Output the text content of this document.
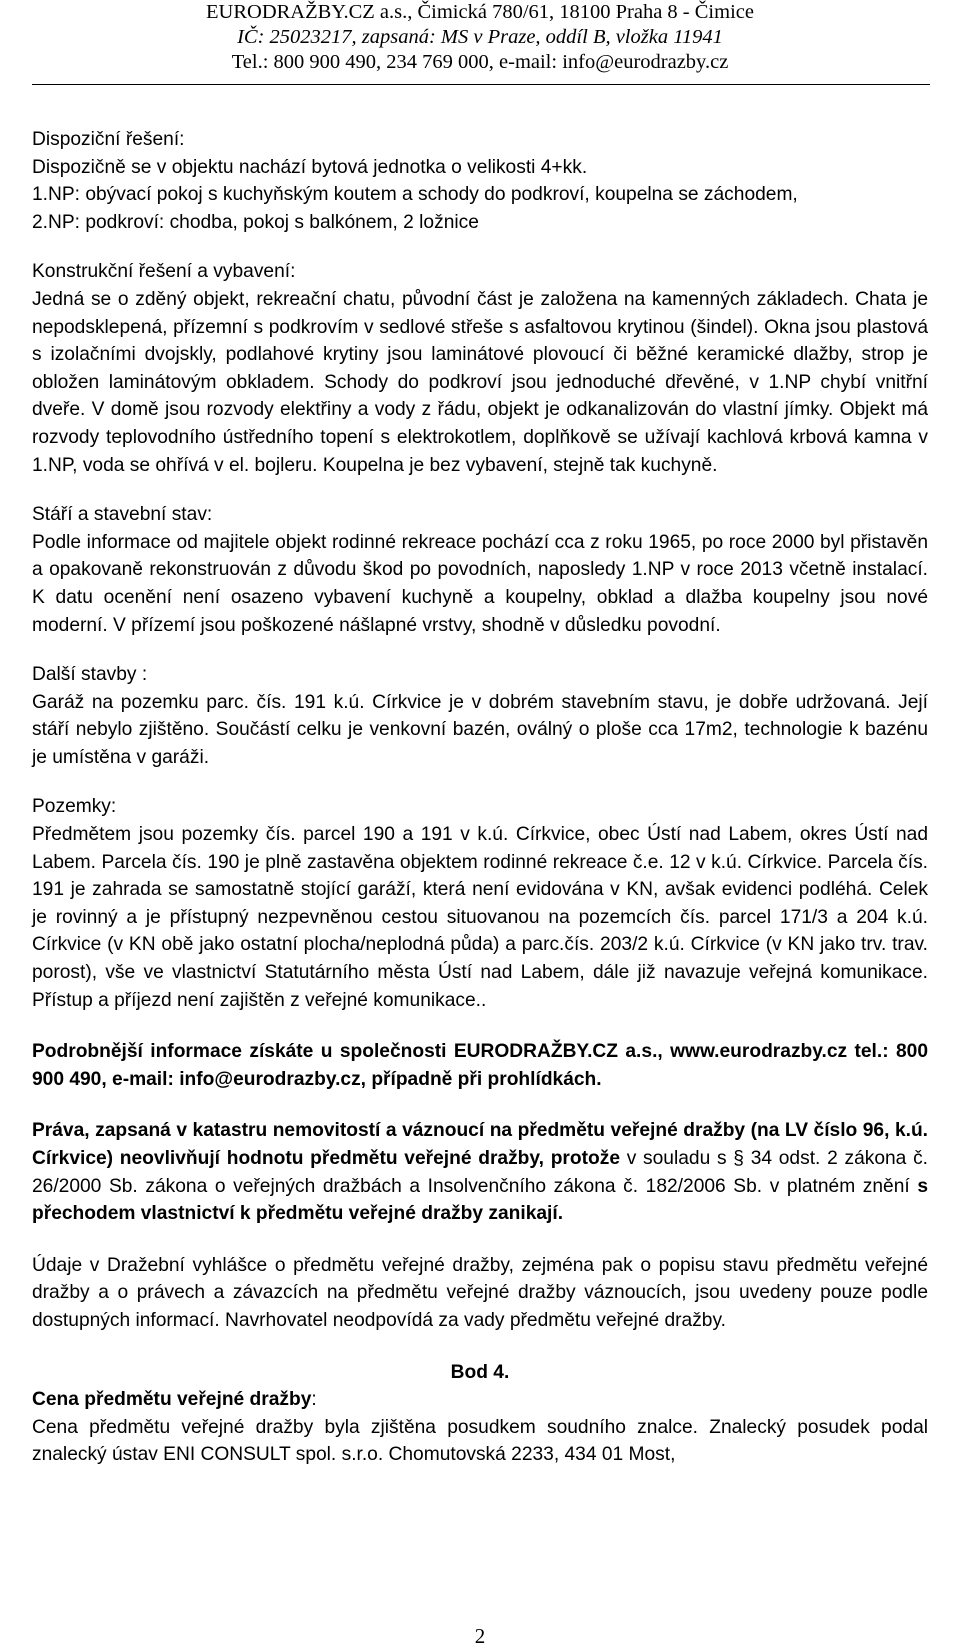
EURODRAŽBY.CZ a.s., Čimická 780/61, 18100 Praha 8 - Čimice
IČ: 25023217, zapsaná: MS v Praze, oddíl B, vložka 11941
Tel.: 800 900 490, 234 769 000, e-mail: info@eurodrazby.cz

Dispoziční řešení:

Dispozičně se v objektu nachází bytová jednotka o velikosti 4+kk.

1.NP: obývací pokoj s kuchyňským koutem a schody do podkroví, koupelna se záchodem,

2.NP: podkroví: chodba, pokoj s balkónem, 2 ložnice

Konstrukční řešení a vybavení:

Jedná se o zděný objekt, rekreační chatu, původní část je založena na kamenných základech. Chata je nepodsklepená, přízemní s podkrovím v sedlové střeše s asfaltovou krytinou (šindel). Okna jsou plastová s izolačními dvojskly, podlahové krytiny jsou laminátové plovoucí či běžné keramické dlažby, strop je obložen laminátovým obkladem. Schody do podkroví jsou jednoduché dřevěné, v 1.NP chybí vnitřní dveře. V domě jsou rozvody elektřiny a vody z řádu, objekt je odkanalizován do vlastní jímky. Objekt má rozvody teplovodního ústředního topení s elektrokotlem, doplňkově se užívají kachlová krbová kamna v 1.NP, voda se ohřívá v el. bojleru. Koupelna je bez vybavení, stejně tak kuchyně.

Stáří a stavební stav:

Podle informace od majitele objekt rodinné rekreace pochází cca z roku 1965, po roce 2000 byl přistavěn a opakovaně rekonstruován z důvodu škod po povodních, naposledy 1.NP v roce 2013 včetně instalací. K datu ocenění není osazeno vybavení kuchyně a koupelny, obklad a dlažba koupelny jsou nové moderní. V přízemí jsou poškozené nášlapné vrstvy, shodně v důsledku povodní.

Další stavby :

Garáž na pozemku parc. čís. 191 k.ú. Církvice je v dobrém stavebním stavu, je dobře udržovaná. Její stáří nebylo zjištěno. Součástí celku je venkovní bazén, oválný o ploše cca 17m2, technologie k bazénu je umístěna v garáži.

Pozemky:

Předmětem jsou pozemky čís. parcel 190 a 191 v k.ú. Církvice, obec Ústí nad Labem, okres Ústí nad Labem. Parcela čís. 190 je plně zastavěna objektem rodinné rekreace č.e. 12 v k.ú. Církvice. Parcela čís. 191 je zahrada se samostatně stojící garáží, která není evidována v KN, avšak evidenci podléhá. Celek je rovinný a je přístupný nezpevněnou cestou situovanou na pozemcích čís. parcel 171/3 a 204 k.ú. Církvice (v KN obě jako ostatní plocha/neplodná půda) a parc.čís. 203/2 k.ú. Církvice (v KN jako trv. trav. porost), vše ve vlastnictví Statutárního města Ústí nad Labem, dále již navazuje veřejná komunikace. Přístup a příjezd není zajištěn z veřejné komunikace..

Podrobnější informace získáte u společnosti EURODRAŽBY.CZ a.s., www.eurodrazby.cz tel.: 800 900 490, e-mail: info@eurodrazby.cz, případně při prohlídkách.

Práva, zapsaná v katastru nemovitostí a váznoucí na předmětu veřejné dražby (na LV číslo 96, k.ú. Církvice) neovlivňují hodnotu předmětu veřejné dražby, protože v souladu s § 34 odst. 2 zákona č. 26/2000 Sb. zákona o veřejných dražbách a Insolvenčního zákona č. 182/2006 Sb. v platném znění s přechodem vlastnictví k předmětu veřejné dražby zanikají.

Údaje v Dražební vyhlášce o předmětu veřejné dražby, zejména pak o popisu stavu předmětu veřejné dražby a o právech a závazcích na předmětu veřejné dražby váznoucích, jsou uvedeny pouze podle dostupných informací. Navrhovatel neodpovídá za vady předmětu veřejné dražby.

Bod 4.

Cena předmětu veřejné dražby:

Cena předmětu veřejné dražby byla zjištěna posudkem soudního znalce. Znalecký posudek podal znalecký ústav ENI CONSULT spol. s.r.o. Chomutovská 2233, 434 01 Most,

2
